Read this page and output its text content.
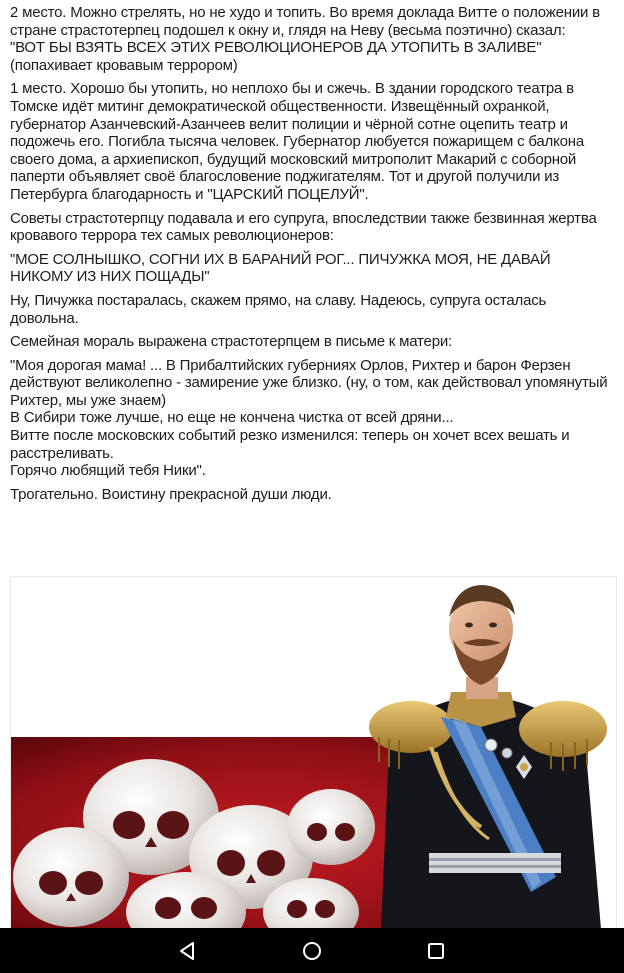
2 место. Можно стрелять, но не худо и топить. Во время доклада Витте о положении в стране страстотерпец подошел к окну и, глядя на Неву (весьма поэтично) сказал:
"ВОТ БЫ ВЗЯТЬ ВСЕХ ЭТИХ РЕВОЛЮЦИОНЕРОВ ДА УТОПИТЬ В ЗАЛИВЕ"
(попахивает кровавым террором)

1 место. Хорошо бы утопить, но неплохо бы и сжечь. В здании городского театра в Томске идёт митинг демократической общественности. Извещённый охранкой, губернатор Азанчевский-Азанчеев велит полиции и чёрной сотне оцепить театр и подожечь его. Погибла тысяча человек. Губернатор любуется пожарищем с балкона своего дома, а архиепископ, будущий московский митрополит Макарий с соборной паперти объявляет своё благословение поджигателям. Тот и другой получили из Петербурга благодарность и "ЦАРСКИЙ ПОЦЕЛУЙ".

Советы страстотерпцу подавала и его супруга, впоследствии также безвинная жертва кровавого террора тех самых революционеров:

"МОЕ СОЛНЫШКО, СОГНИ ИХ В БАРАНИЙ РОГ... ПИЧУЖКА МОЯ, НЕ ДАВАЙ НИКОМУ ИЗ НИХ ПОЩАДЫ"

Ну, Пичужка постаралась, скажем прямо, на славу. Надеюсь, супруга осталась довольна.

Семейная мораль выражена страстотерпцем в письме к матери:

"Моя дорогая мама! ... В Прибалтийских губерниях Орлов, Рихтер и барон Ферзен действуют великолепно - замирение уже близко. (ну, о том, как действовал упомянутый Рихтер, мы уже знаем)
В Сибири тоже лучше, но еще не кончена чистка от всей дряни...
Витте после московских событий резко изменился: теперь он хочет всех вешать и расстреливать.
Горячо любящий тебя Ники".

Трогательно. Воистину прекрасной души люди.
